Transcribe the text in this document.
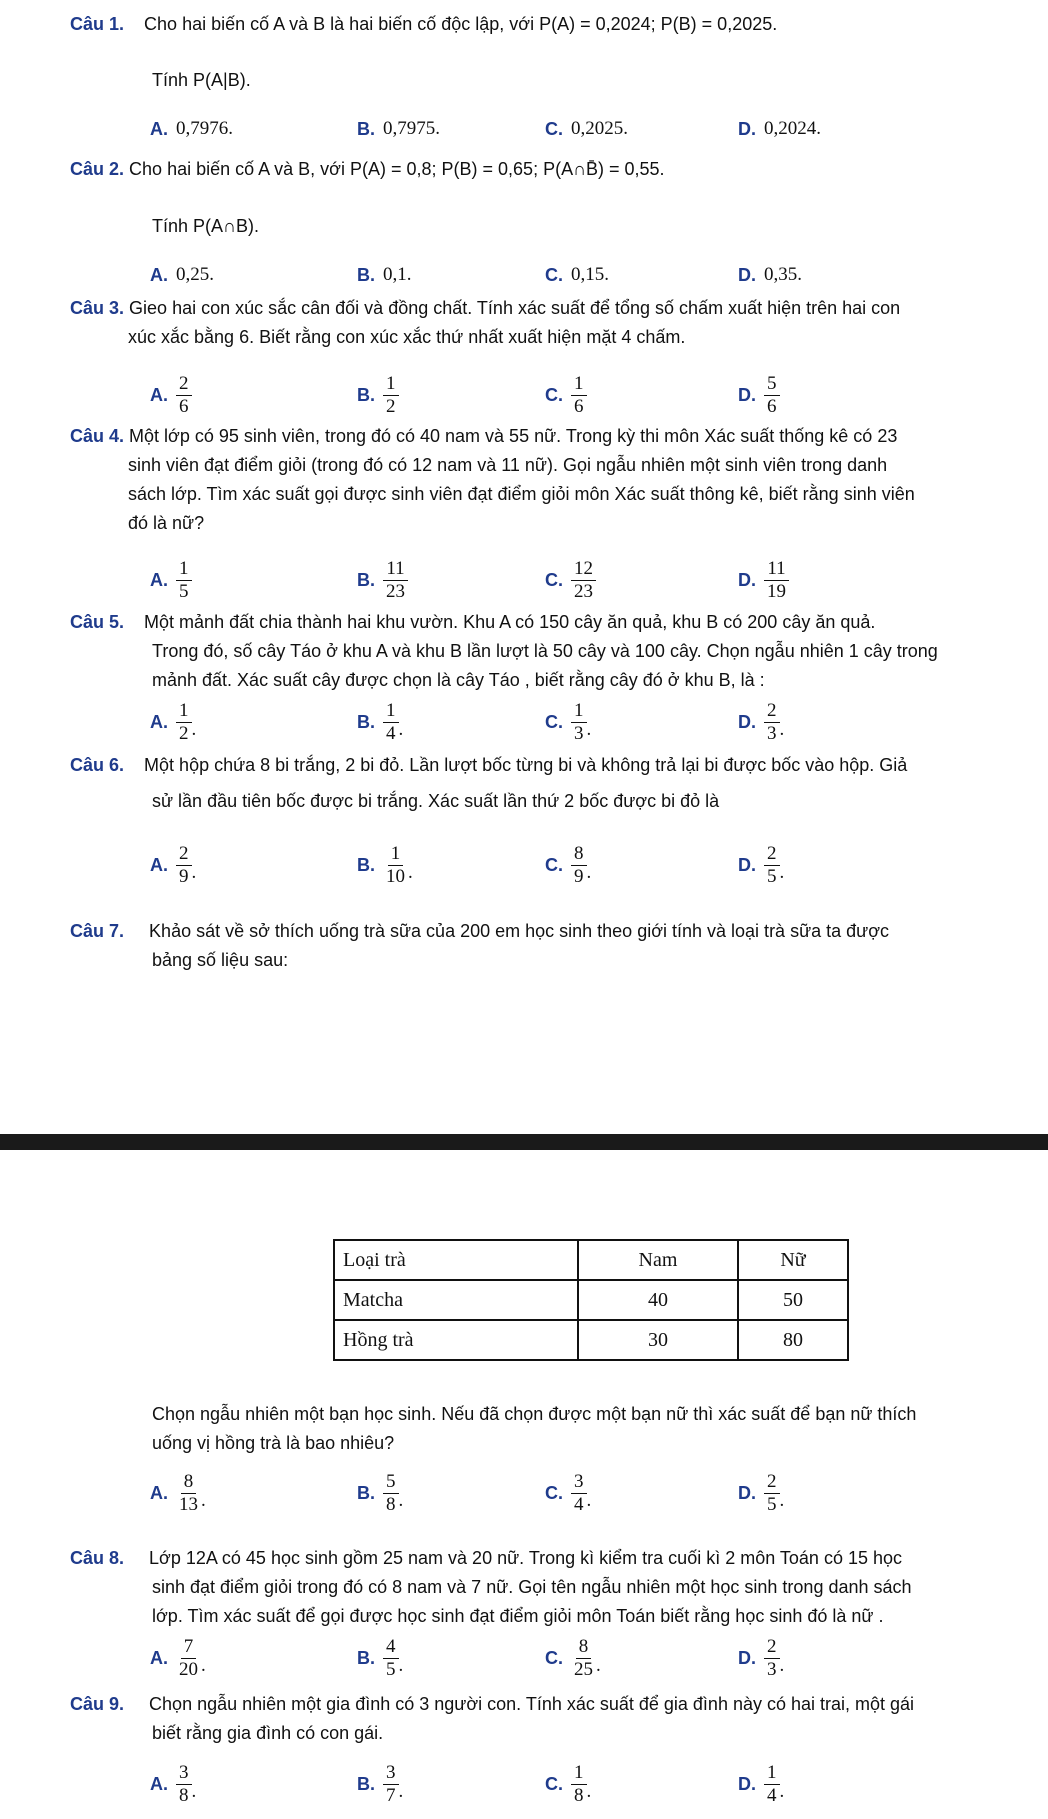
Câu 1. Cho hai biến cố A và B là hai biến cố độc lập, với P(A) = 0,2024; P(B) = 0,2025.
Tính P(A|B).
A. 0,7976.	B. 0,7975.	C. 0,2025.	D. 0,2024.
Câu 2. Cho hai biến cố A và B, với P(A) = 0,8; P(B) = 0,65; P(A∩B̄) = 0,55.
Tính P(A∩B).
A. 0,25.	B. 0,1.	C. 0,15.	D. 0,35.
Câu 3. Gieo hai con xúc sắc cân đối và đồng chất. Tính xác suất để tổng số chấm xuất hiện trên hai con
xúc xắc bằng 6. Biết rằng con xúc xắc thứ nhất xuất hiện mặt 4 chấm.
A. $\frac{2}{6}$	B. $\frac{1}{2}$	C. $\frac{1}{6}$	D. $\frac{5}{6}$
Câu 4. Một lớp có 95 sinh viên, trong đó có 40 nam và 55 nữ. Trong kỳ thi môn Xác suất thống kê có 23
sinh viên đạt điểm giỏi (trong đó có 12 nam và 11 nữ). Gọi ngẫu nhiên một sinh viên trong danh
sách lớp. Tìm xác suất gọi được sinh viên đạt điểm giỏi môn Xác suất thông kê, biết rằng sinh viên
đó là nữ?
A. $\frac{1}{5}$	B. $\frac{11}{23}$	C. $\frac{12}{23}$	D. $\frac{11}{19}$
Câu 5. Một mảnh đất chia thành hai khu vườn. Khu A có 150 cây ăn quả, khu B có 200 cây ăn quả.
Trong đó, số cây Táo ở khu A và khu B lần lượt là 50 cây và 100 cây. Chọn ngẫu nhiên 1 cây trong
mảnh đất. Xác suất cây được chọn là cây Táo , biết rằng cây đó ở khu B, là :
A. $\frac{1}{2}$ .	B. $\frac{1}{4}$ .	C. $\frac{1}{3}$ .	D. $\frac{2}{3}$ .
Câu 6. Một hộp chứa 8 bi trắng, 2 bi đỏ. Lần lượt bốc từng bi và không trả lại bi được bốc vào hộp. Giả
sử lần đầu tiên bốc được bi trắng. Xác suất lần thứ 2 bốc được bi đỏ là
A. $\frac{2}{9}$ .	B. $\frac{1}{10}$ .	C. $\frac{8}{9}$ .	D. $\frac{2}{5}$ .
Câu 7. Khảo sát về sở thích uống trà sữa của 200 em học sinh theo giới tính và loại trà sữa ta được
bảng số liệu sau:
Loại trà	Nam	Nữ
Matcha	40	50
Hồng trà	30	80
Chọn ngẫu nhiên một bạn học sinh. Nếu đã chọn được một bạn nữ thì xác suất để bạn nữ thích
uống vị hồng trà là bao nhiêu?
A. $\frac{8}{13}$ .	B. $\frac{5}{8}$ .	C. $\frac{3}{4}$ .	D. $\frac{2}{5}$ .
Câu 8. Lớp 12A có 45 học sinh gồm 25 nam và 20 nữ. Trong kì kiểm tra cuối kì 2 môn Toán có 15 học
sinh đạt điểm giỏi trong đó có 8 nam và 7 nữ. Gọi tên ngẫu nhiên một học sinh trong danh sách
lớp. Tìm xác suất để gọi được học sinh đạt điểm giỏi môn Toán biết rằng học sinh đó là nữ .
A. $\frac{7}{20}$ .	B. $\frac{4}{5}$ .	C. $\frac{8}{25}$ .	D. $\frac{2}{3}$ .
Câu 9. Chọn ngẫu nhiên một gia đình có 3 người con. Tính xác suất để gia đình này có hai trai, một gái
biết rằng gia đình có con gái.
A. $\frac{3}{8}$ .	B. $\frac{3}{7}$ .	C. $\frac{1}{8}$ .	D. $\frac{1}{4}$ .
